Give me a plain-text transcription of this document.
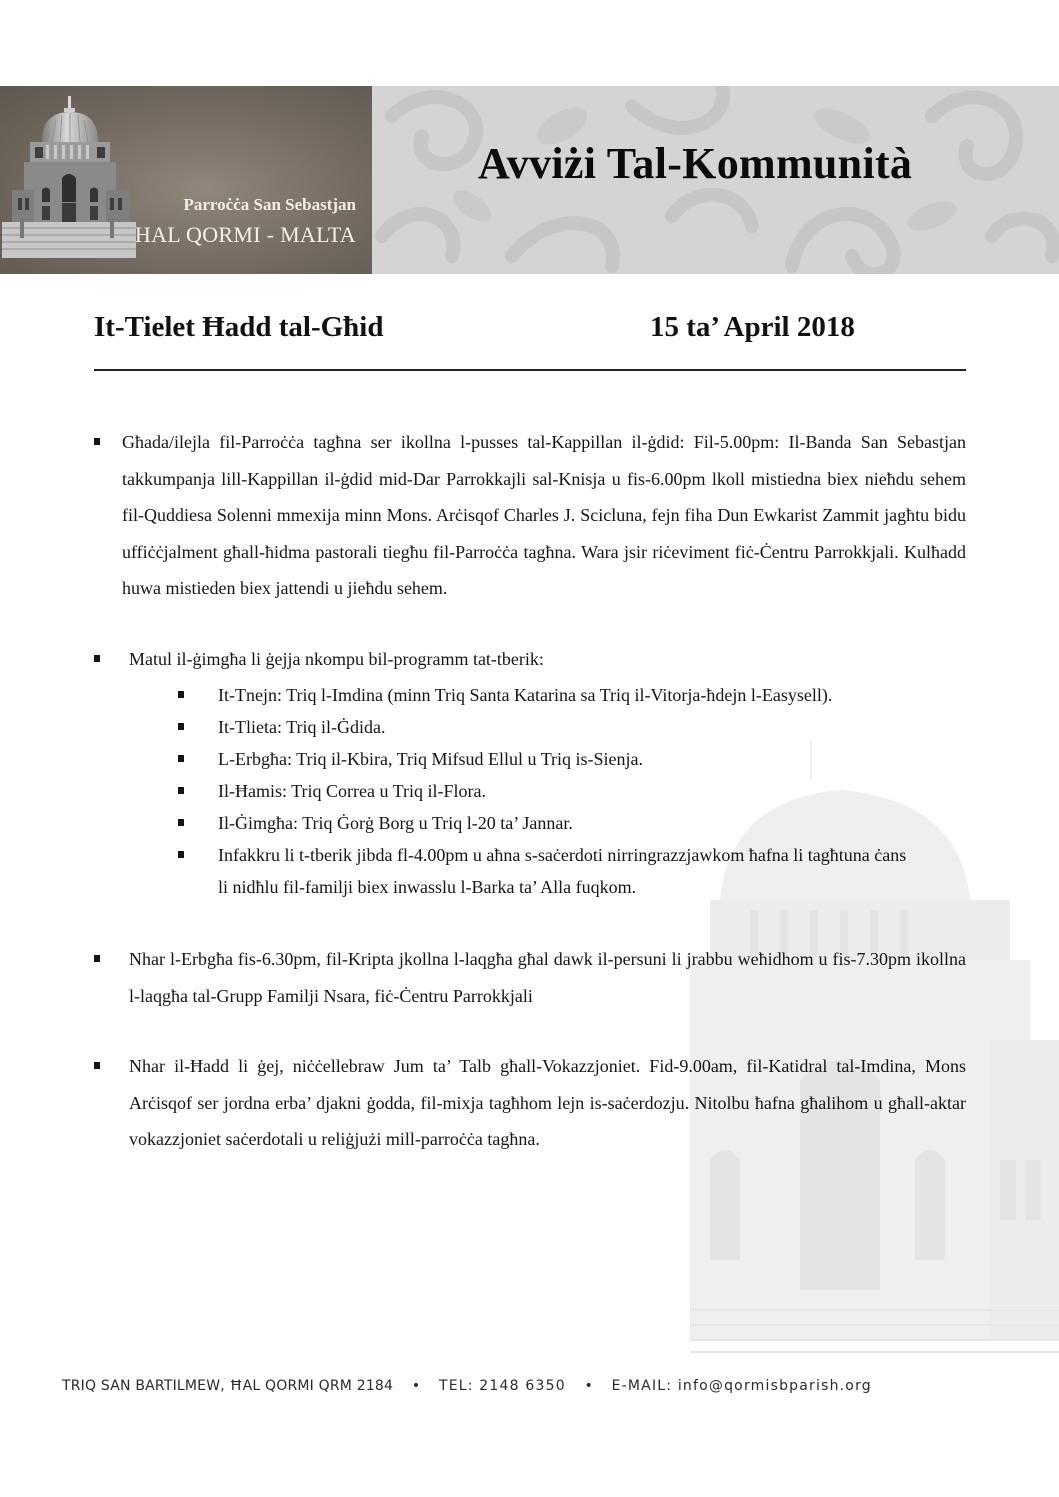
Parroċċa San Sebastjan
HAL QORMI - MALTA
Avviżi Tal-Kommunità
It-Tielet Ħadd tal-Għid	15 ta’ April 2018
Għada/ilejla fil-Parroċċa tagħna ser ikollna l-pusses tal-Kappillan il-ġdid: Fil-5.00pm: Il-Banda San Sebastjan takkumpanja lill-Kappillan il-ġdid mid-Dar Parrokkajli sal-Knisja u fis-6.00pm lkoll mistiedna biex nieħdu sehem fil-Quddiesa Solenni mmexija minn Mons. Arċisqof Charles J. Scicluna, fejn fiha Dun Ewkarist Zammit jagħtu bidu uffiċċjalment għall-ħidma pastorali tiegħu fil-Parroċċa tagħna. Wara jsir riċeviment fiċ-Ċentru Parrokkjali. Kulħadd huwa mistieden biex jattendi u jieħdu sehem.
Matul il-ġimgħa li ġejja nkompu bil-programm tat-tberik:
It-Tnejn: Triq l-Imdina (minn Triq Santa Katarina sa Triq il-Vitorja-ħdejn l-Easysell).
It-Tlieta: Triq il-Ġdida.
L-Erbgħa: Triq il-Kbira, Triq Mifsud Ellul u Triq is-Sienja.
Il-Ħamis: Triq Correa u Triq il-Flora.
Il-Ġimgħa: Triq Ġorġ Borg u Triq l-20 ta’ Jannar.
Infakkru li t-tberik jibda fl-4.00pm u aħna s-saċerdoti nirringrazzjawkom ħafna li tagħtuna ċans li nidħlu fil-familji biex inwasslu l-Barka ta’ Alla fuqkom.
Nhar l-Erbgħa fis-6.30pm, fil-Kripta jkollna l-laqgħa għal dawk il-persuni li jrabbu weħidhom u fis-7.30pm ikollna l-laqgħa tal-Grupp Familji Nsara, fiċ-Ċentru Parrokkjali
Nhar il-Ħadd li ġej, niċċellebraw Jum ta’ Talb għall-Vokazzjoniet. Fid-9.00am, fil-Katidral tal-Imdina, Mons Arċisqof ser jordna erba’ djakni ġodda, fil-mixja tagħhom lejn is-saċerdozju. Nitolbu ħafna għalihom u għall-aktar vokazzjoniet saċerdotali u reliġjużi mill-parroċċa tagħna.
TRIQ SAN BARTILMEW, ĦAL QORMI QRM 2184 • TEL: 2148 6350 • E-MAIL: info@qormisbparish.org
